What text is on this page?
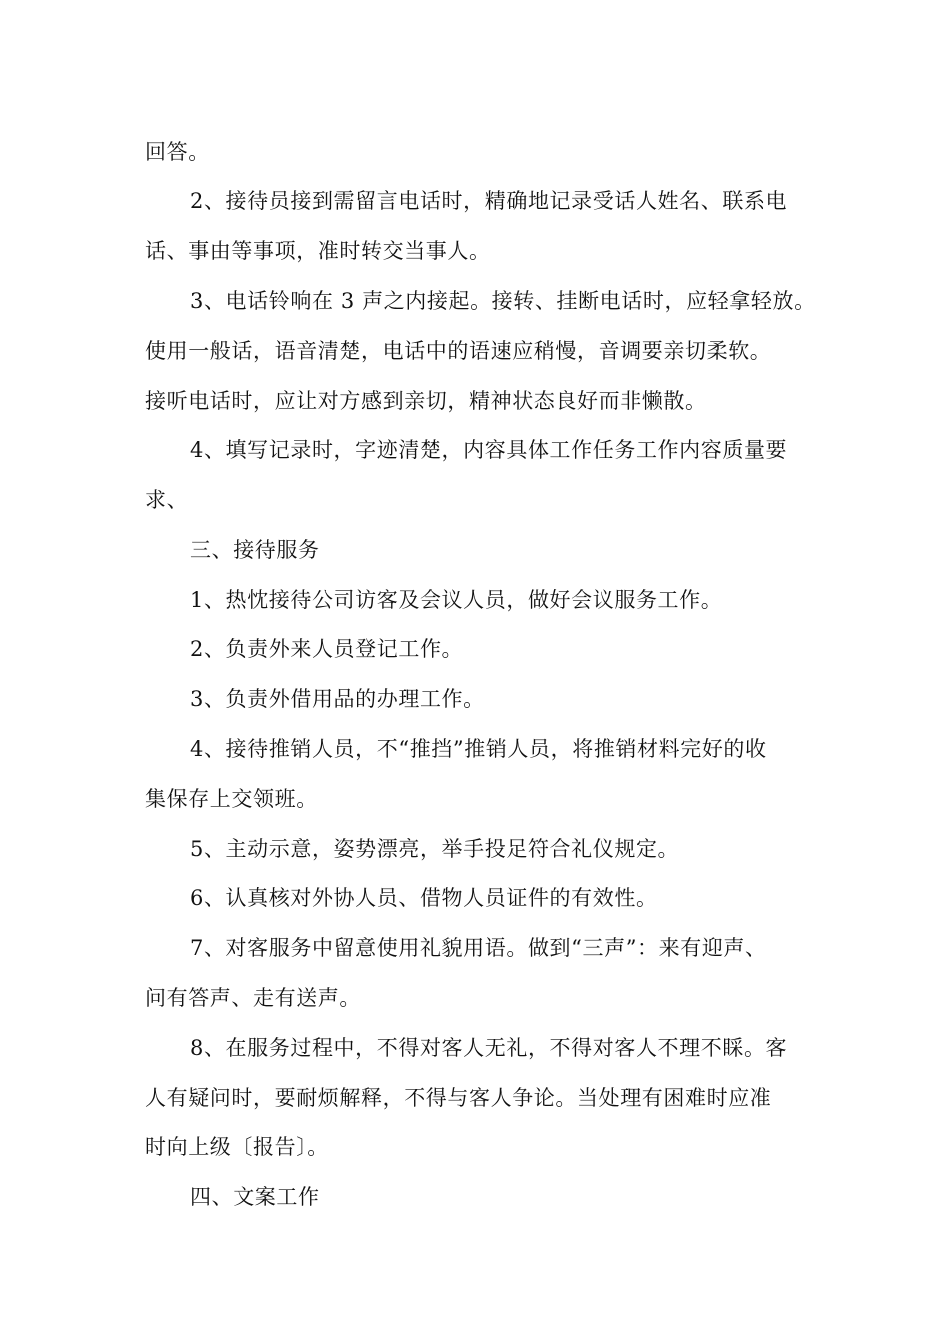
回答。
2、接待员接到需留言电话时，精确地记录受话人姓名、联系电
话、事由等事项，准时转交当事人。
3、电话铃响在 3 声之内接起。接转、挂断电话时，应轻拿轻放。
使用一般话，语音清楚，电话中的语速应稍慢，音调要亲切柔软。
接听电话时，应让对方感到亲切，精神状态良好而非懒散。
4、填写记录时，字迹清楚，内容具体工作任务工作内容质量要
求、
三、接待服务
1、热忱接待公司访客及会议人员，做好会议服务工作。
2、负责外来人员登记工作。
3、负责外借用品的办理工作。
4、接待推销人员，不“推挡”推销人员，将推销材料完好的收
集保存上交领班。
5、主动示意，姿势漂亮，举手投足符合礼仪规定。
6、认真核对外协人员、借物人员证件的有效性。
7、对客服务中留意使用礼貌用语。做到“三声”：来有迎声、
问有答声、走有送声。
8、在服务过程中，不得对客人无礼，不得对客人不理不睬。客
人有疑问时，要耐烦解释，不得与客人争论。当处理有困难时应准
时向上级〔报告〕。
四、文案工作
